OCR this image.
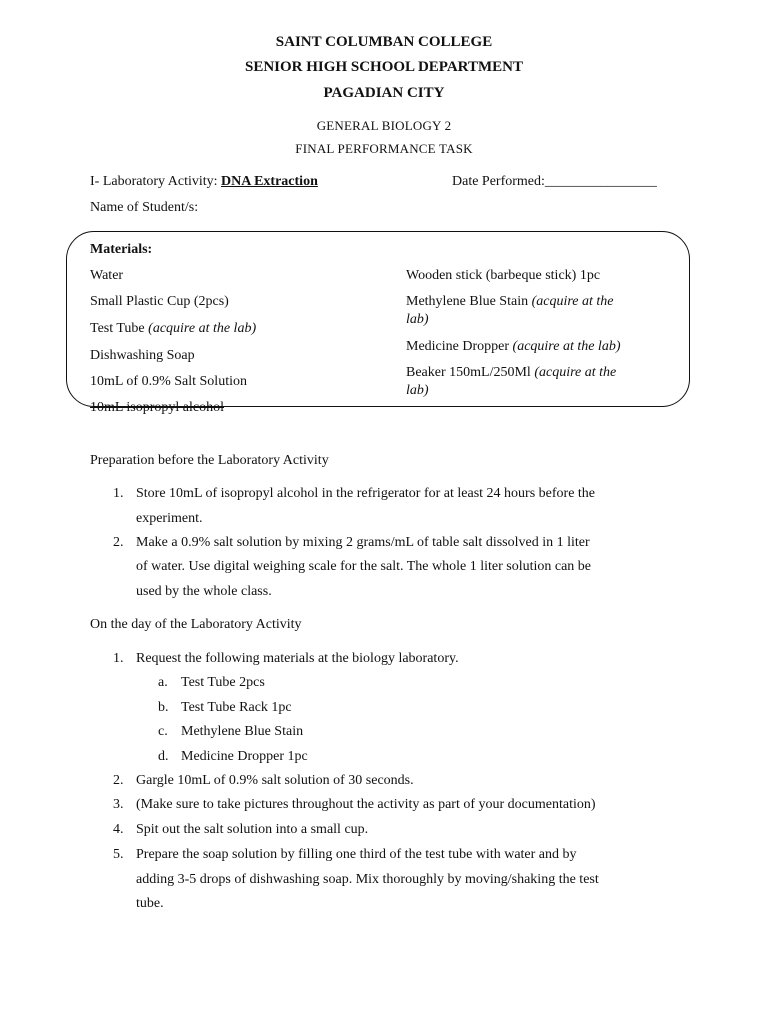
SAINT COLUMBAN COLLEGE
SENIOR HIGH SCHOOL DEPARTMENT
PAGADIAN CITY
GENERAL BIOLOGY 2
FINAL PERFORMANCE TASK
I- Laboratory Activity: DNA Extraction	Date Performed:________________
Name of Student/s:
Materials:
Water
Small Plastic Cup (2pcs)
Test Tube (acquire at the lab)
Dishwashing Soap
10mL of 0.9% Salt Solution
10mL isopropyl alcohol
Wooden stick (barbeque stick) 1pc
Methylene Blue Stain (acquire at the
lab)
Medicine Dropper (acquire at the lab)
Beaker 150mL/250Ml (acquire at the
lab)
Preparation before the Laboratory Activity
1. Store 10mL of isopropyl alcohol in the refrigerator for at least 24 hours before the
experiment.
2. Make a 0.9% salt solution by mixing 2 grams/mL of table salt dissolved in 1 liter
of water. Use digital weighing scale for the salt. The whole 1 liter solution can be
used by the whole class.
On the day of the Laboratory Activity
1. Request the following materials at the biology laboratory.
a. Test Tube 2pcs
b. Test Tube Rack 1pc
c. Methylene Blue Stain
d. Medicine Dropper 1pc
2. Gargle 10mL of 0.9% salt solution of 30 seconds.
3. (Make sure to take pictures throughout the activity as part of your documentation)
4. Spit out the salt solution into a small cup.
5. Prepare the soap solution by filling one third of the test tube with water and by
adding 3-5 drops of dishwashing soap. Mix thoroughly by moving/shaking the test
tube.
